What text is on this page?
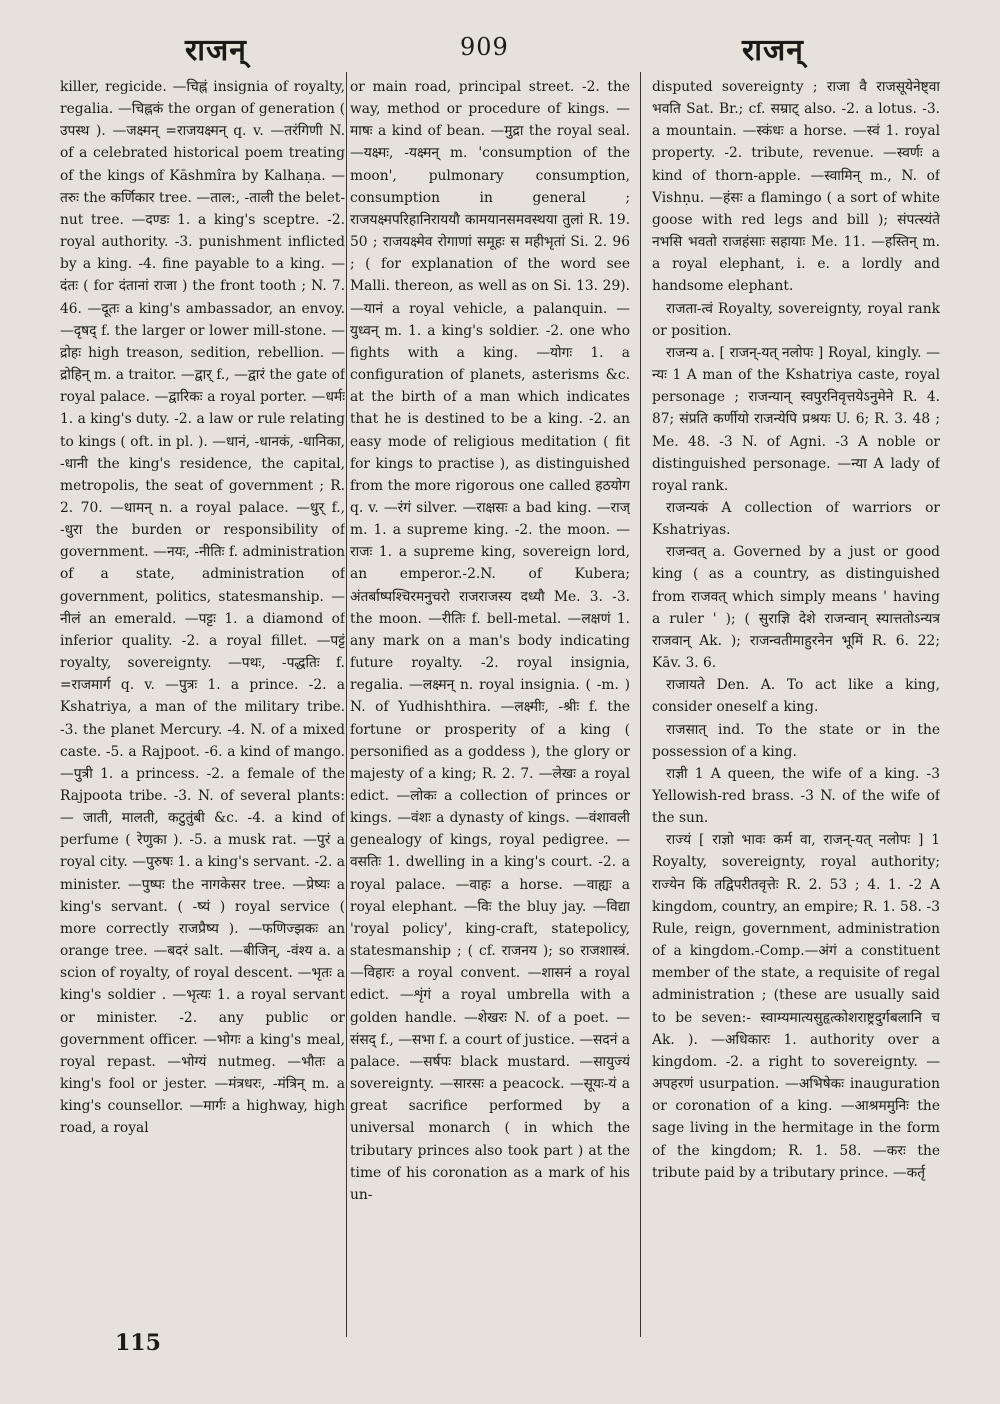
राजन्	909	राजन्

killer, regicide. —चिह्नं insignia of royalty, regalia. —चिह्नकं the organ of generation ( उपस्थ ). —जक्ष्मन् =राजयक्ष्मन् q. v. —तरंगिणी N. of a celebrated historical poem treating of the kings of Kāshmîra by Kalhaṇa. —तरुः the कर्णिकार tree. —ताल:, -ताली the belet-nut tree. —दण्डः 1. a king's sceptre. -2. royal authority. -3. punishment inflicted by a king. -4. fine payable to a king. —दंतः ( for दंतानां राजा ) the front tooth ; N. 7. 46. —दूतः a king's ambassador, an envoy. —दृषद् f. the larger or lower mill-stone. —द्रोहः high treason, sedition, rebellion. —द्रोहिन् m. a traitor. —द्वार् f., —द्वारं the gate of royal palace. —द्वारिकः a royal porter. —धर्मः 1. a king's duty. -2. a law or rule relating to kings ( oft. in pl. ). —धानं, -धानकं, -धानिका, -धानी the king's residence, the capital, metropolis, the seat of government ; R. 2. 70. —धामन् n. a royal palace. —धुर् f., -धुरा the burden or responsibility of government. —नयः, -नीतिः f. administration of a state, administration of government, politics, statesmanship. —नीलं an emerald. —पट्टः 1. a diamond of inferior quality. -2. a royal fillet. —पट्टं royalty, sovereignty. —पथः, -पद्धतिः f. =राजमार्ग q. v. —पुत्रः 1. a prince. -2. a Kshatriya, a man of the military tribe. -3. the planet Mercury. -4. N. of a mixed caste. -5. a Rajpoot. -6. a kind of mango. —पुत्री 1. a princess. -2. a female of the Rajpoota tribe. -3. N. of several plants:— जाती, मालती, कटुतुंबी &c. -4. a kind of perfume ( रेणुका ). -5. a musk rat. —पुरं a royal city. —पुरुषः 1. a king's servant. -2. a minister. —पुष्पः the नागकेसर tree. —प्रेष्यः a king's servant. ( -ष्यं ) royal service ( more correctly राजप्रैष्य ). —फणिज्झकः an orange tree. —बदरं salt. —बीजिन्, -वंश्य a. a scion of royalty, of royal descent. —भृतः a king's soldier . —भृत्यः 1. a royal servant or minister. -2. any public or government officer. —भोगः a king's meal, royal repast. —भोग्यं nutmeg. —भौतः a king's fool or jester. —मंत्रधरः, -मंत्रिन् m. a king's counsellor. —मार्गः a highway, high road, a royal

or main road, principal street. -2. the way, method or procedure of kings. —माषः a kind of bean. —मुद्रा the royal seal. —यक्ष्मः, -यक्ष्मन् m. 'consumption of the moon', pulmonary consumption, consumption in general ; राजयक्ष्मपरिहानिराययौ कामयानसमवस्थया तुलां R. 19. 50 ; राजयक्ष्मेव रोगाणां समूहः स महीभृतां Si. 2. 96 ; ( for explanation of the word see Malli. thereon, as well as on Si. 13. 29). —यानं a royal vehicle, a palanquin. —युध्वन् m. 1. a king's soldier. -2. one who fights with a king. —योगः 1. a configuration of planets, asterisms &c. at the birth of a man which indicates that he is destined to be a king. -2. an easy mode of religious meditation ( fit for kings to practise ), as distinguished from the more rigorous one called हठयोग q. v. —रंगं silver. —राक्षसः a bad king. —राज् m. 1. a supreme king. -2. the moon. —राजः 1. a supreme king, sovereign lord, an emperor.-2.N. of Kubera; अंतर्बाष्पश्चिरमनुचरो राजराजस्य दध्यौ Me. 3. -3. the moon. —रीतिः f. bell-metal. —लक्षणं 1. any mark on a man's body indicating future royalty. -2. royal insignia, regalia. —लक्ष्मन् n. royal insignia. ( -m. ) N. of Yudhishthira. —लक्ष्मीः, -श्रीः f. the fortune or prosperity of a king ( personified as a goddess ), the glory or majesty of a king; R. 2. 7. —लेखः a royal edict. —लोकः a collection of princes or kings. —वंशः a dynasty of kings. —वंशावली genealogy of kings, royal pedigree. —वसतिः 1. dwelling in a king's court. -2. a royal palace. —वाहः a horse. —वाह्यः a royal elephant. —विः the bluy jay. —विद्या 'royal policy', king-craft, statepolicy, statesmanship ; ( cf. राजनय ); so राजशास्त्रं. —विहारः a royal convent. —शासनं a royal edict. —शृंगं a royal umbrella with a golden handle. —शेखरः N. of a poet. —संसद् f., —सभा f. a court of justice. —सदनं a palace. —सर्षपः black mustard. —सायुज्यं sovereignty. —सारसः a peacock. —सूयः-यं a great sacrifice performed by a universal monarch ( in which the tributary princes also took part ) at the time of his coronation as a mark of his un-

disputed sovereignty ; राजा वै राजसूयेनेष्ट्वा भवति Sat. Br.; cf. सम्राट् also. -2. a lotus. -3. a mountain. —स्कंधः a horse. —स्वं 1. royal property. -2. tribute, revenue. —स्वर्णः a kind of thorn-apple. —स्वामिन् m., N. of Vishṇu. —हंसः a flamingo ( a sort of white goose with red legs and bill ); संपत्स्यंते नभसि भवतो राजहंसाः सहायाः Me. 11. —हस्तिन् m. a royal elephant, i. e. a lordly and handsome elephant.

राजता-त्वं Royalty, sovereignty, royal rank or position.

राजन्य a. [ राजन्-यत् नलोपः ] Royal, kingly. —न्यः 1 A man of the Kshatriya caste, royal personage ; राजन्यान् स्वपुरनिवृत्तयेऽनुमेने R. 4. 87; संप्रति कर्णीयो राजन्येपि प्रश्रयः U. 6; R. 3. 48 ; Me. 48. -3 N. of Agni. -3 A noble or distinguished personage. —न्या A lady of royal rank.

राजन्यकं A collection of warriors or Kshatriyas.

राजन्वत् a. Governed by a just or good king ( as a country, as distinguished from राजवत् which simply means ' having a ruler ' ); ( सुराज्ञि देशे राजन्वान् स्यात्ततोऽन्यत्र राजवान् Ak. ); राजन्वतीमाहुरनेन भूमिं R. 6. 22; Kāv. 3. 6.

राजायते Den. A. To act like a king, consider oneself a king.

राजसात् ind. To the state or in the possession of a king.

राज्ञी 1 A queen, the wife of a king. -3 Yellowish-red brass. -3 N. of the wife of the sun.

राज्यं [ राज्ञो भावः कर्म वा, राजन्-यत् नलोपः ] 1 Royalty, sovereignty, royal authority; राज्येन किं तद्विपरीतवृत्तेः R. 2. 53 ; 4. 1. -2 A kingdom, country, an empire; R. 1. 58. -3 Rule, reign, government, administration of a kingdom.-Comp.—अंगं a constituent member of the state, a requisite of regal administration ; (these are usually said to be seven:- स्वाम्यमात्यसुहृत्कोशराष्ट्रदुर्गबलानि च Ak. ). —अधिकारः 1. authority over a kingdom. -2. a right to sovereignty. —अपहरणं usurpation. —अभिषेकः inauguration or coronation of a king. —आश्रममुनिः the sage living in the hermitage in the form of the kingdom; R. 1. 58. —करः the tribute paid by a tributary prince. —कर्तृ

115
